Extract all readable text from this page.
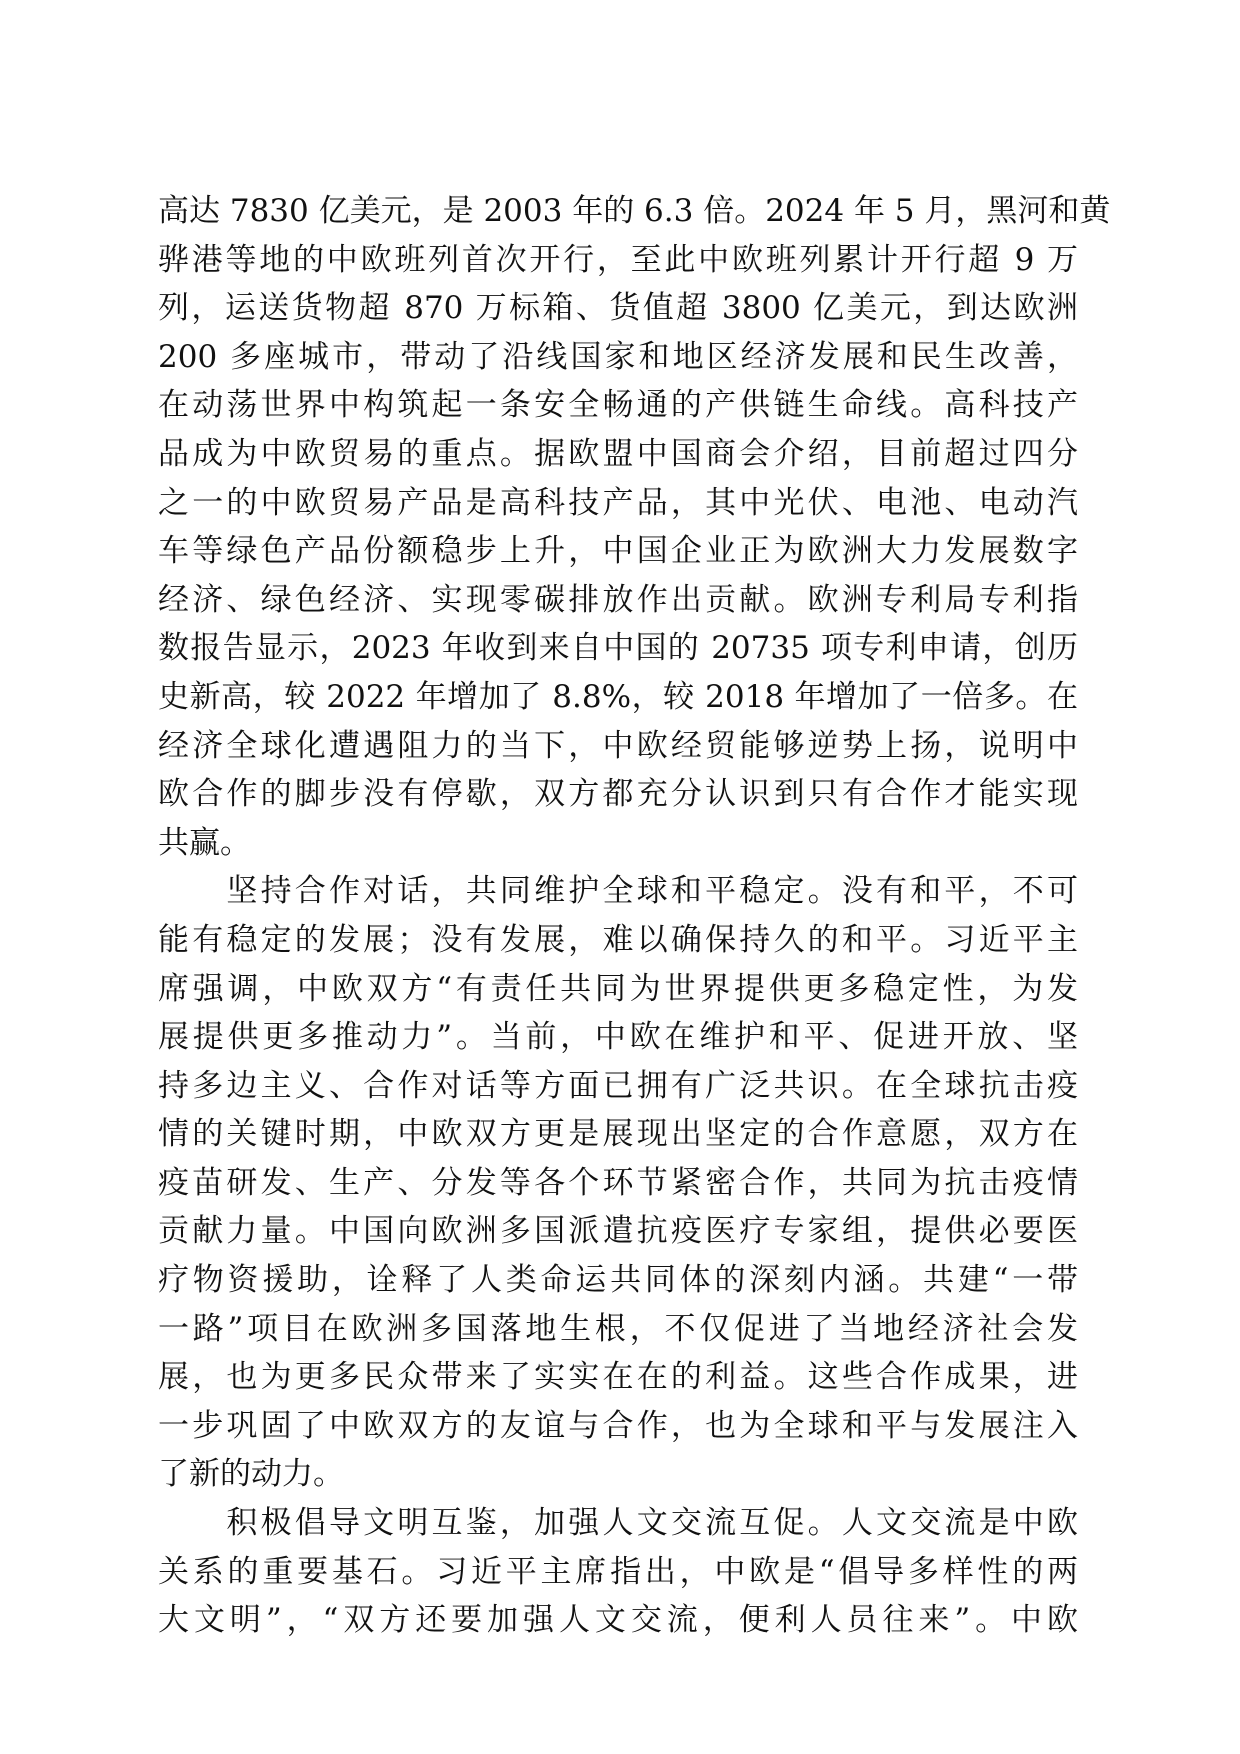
高达 7830 亿美元，是 2003 年的 6.3 倍。2024 年 5 月，黑河和黄
骅港等地的中欧班列首次开行，至此中欧班列累计开行超 9 万
列，运送货物超 870 万标箱、货值超 3800 亿美元，到达欧洲
200 多座城市，带动了沿线国家和地区经济发展和民生改善，
在动荡世界中构筑起一条安全畅通的产供链生命线。高科技产
品成为中欧贸易的重点。据欧盟中国商会介绍，目前超过四分
之一的中欧贸易产品是高科技产品，其中光伏、电池、电动汽
车等绿色产品份额稳步上升，中国企业正为欧洲大力发展数字
经济、绿色经济、实现零碳排放作出贡献。欧洲专利局专利指
数报告显示，2023 年收到来自中国的 20735 项专利申请，创历
史新高，较 2022 年增加了 8.8%，较 2018 年增加了一倍多。在
经济全球化遭遇阻力的当下，中欧经贸能够逆势上扬，说明中
欧合作的脚步没有停歇，双方都充分认识到只有合作才能实现
共赢。
　　坚持合作对话，共同维护全球和平稳定。没有和平，不可
能有稳定的发展；没有发展，难以确保持久的和平。习近平主
席强调，中欧双方“有责任共同为世界提供更多稳定性，为发
展提供更多推动力”。当前，中欧在维护和平、促进开放、坚
持多边主义、合作对话等方面已拥有广泛共识。在全球抗击疫
情的关键时期，中欧双方更是展现出坚定的合作意愿，双方在
疫苗研发、生产、分发等各个环节紧密合作，共同为抗击疫情
贡献力量。中国向欧洲多国派遣抗疫医疗专家组，提供必要医
疗物资援助，诠释了人类命运共同体的深刻内涵。共建“一带
一路”项目在欧洲多国落地生根，不仅促进了当地经济社会发
展，也为更多民众带来了实实在在的利益。这些合作成果，进
一步巩固了中欧双方的友谊与合作，也为全球和平与发展注入
了新的动力。
　　积极倡导文明互鉴，加强人文交流互促。人文交流是中欧
关系的重要基石。习近平主席指出，中欧是“倡导多样性的两
大文明”，“双方还要加强人文交流，便利人员往来”。中欧
